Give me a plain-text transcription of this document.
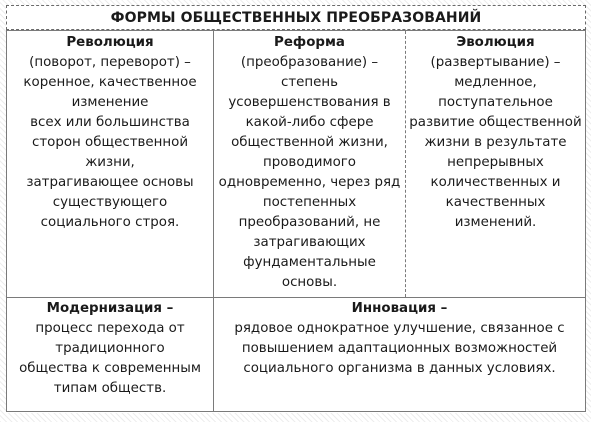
ФОРМЫ ОБЩЕСТВЕННЫХ ПРЕОБРАЗОВАНИЙ
Революция
(поворот, переворот) –
коренное, качественное
изменение
всех или большинства
сторон общественной
жизни,
затрагивающее основы
существующего
социального строя.
Реформа
(преобразование) –
степень
усовершенствования в
какой-либо сфере
общественной жизни,
проводимого
одновременно, через ряд
постепенных
преобразований, не
затрагивающих
фундаментальные
основы.
Эволюция
(развертывание) –
медленное,
поступательное
развитие общественной
жизни в результате
непрерывных
количественных и
качественных
изменений.
Модернизация –
процесс перехода от
традиционного
общества к современным
типам обществ.
Инновация –
рядовое однократное улучшение, связанное с
повышением адаптационных возможностей
социального организма в данных условиях.
